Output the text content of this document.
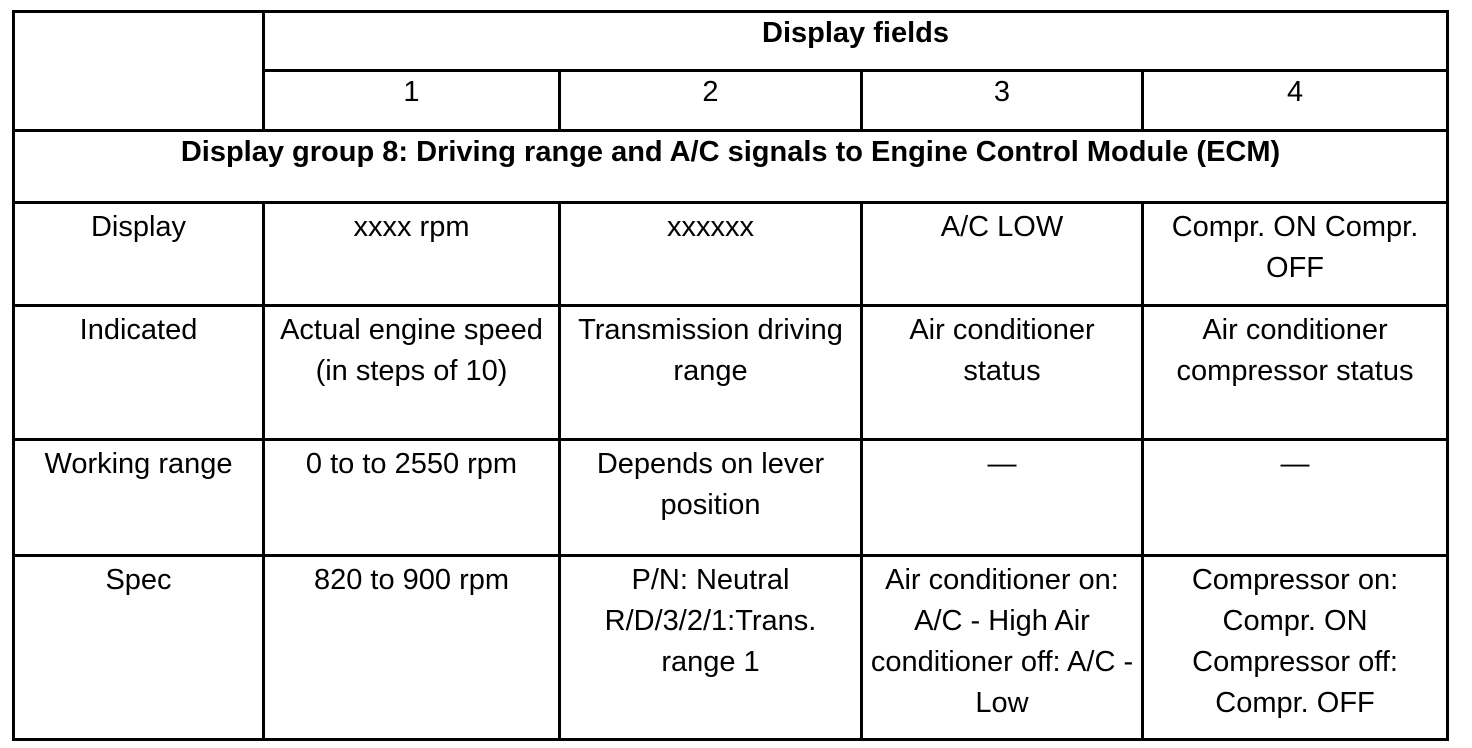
	Display fields			
	1	2	3	4
Display group 8: Driving range and A/C signals to Engine Control Module (ECM)				
Display	xxxx rpm	xxxxxx	A/C LOW	Compr. ON Compr. OFF
Indicated	Actual engine speed (in steps of 10)	Transmission driving range	Air conditioner status	Air conditioner compressor status
Working range	0 to to 2550 rpm	Depends on lever position	—	—
Spec	820 to 900 rpm	P/N: Neutral R/D/3/2/1:Trans. range 1	Air conditioner on: A/C - High Air conditioner off: A/C - Low	Compressor on: Compr. ON Compressor off: Compr. OFF
